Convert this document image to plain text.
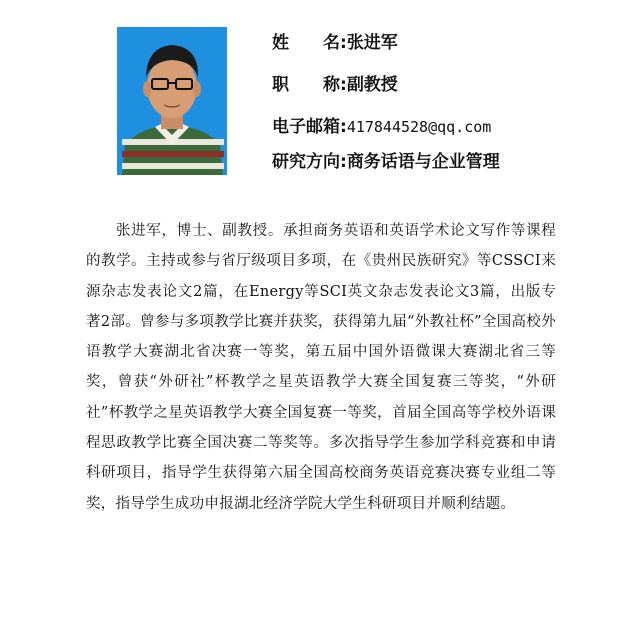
姓　　名:张进军
职　　称:副教授
电子邮箱:417844528@qq.com
研究方向:商务话语与企业管理

张进军，博士、副教授。承担商务英语和英语学术论文写作等课程的教学。主持或参与省厅级项目多项，在《贵州民族研究》等CSSCI来源杂志发表论文2篇，在Energy等SCI英文杂志发表论文3篇，出版专著2部。曾参与多项教学比赛并获奖，获得第九届“外教社杯”全国高校外语教学大赛湖北省决赛一等奖，第五届中国外语微课大赛湖北省三等奖，曾获“外研社”杯教学之星英语教学大赛全国复赛三等奖，“外研社”杯教学之星英语教学大赛全国复赛一等奖，首届全国高等学校外语课程思政教学比赛全国决赛二等奖等。多次指导学生参加学科竞赛和申请科研项目，指导学生获得第六届全国高校商务英语竞赛决赛专业组二等奖，指导学生成功申报湖北经济学院大学生科研项目并顺利结题。
